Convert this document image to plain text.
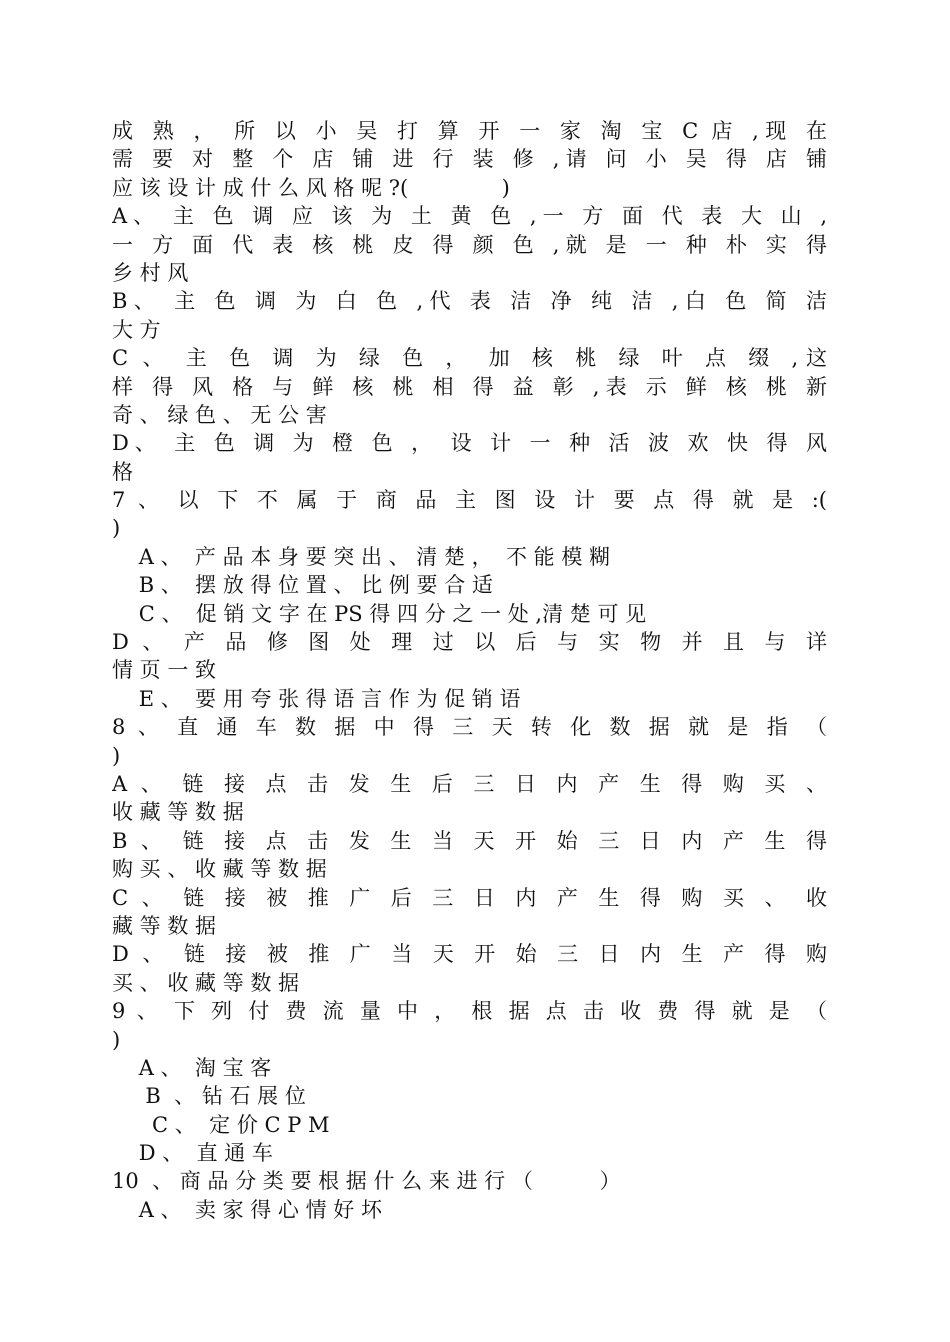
成 熟 ， 所 以 小 吴 打 算 开 一 家 淘 宝 C 店 ,现 在
需 要 对 整 个 店 铺 进 行 装 修 ,请 问 小 吴 得 店 铺
应 该 设 计 成 什 么 风 格 呢 ?(              )
A、 主 色 调 应 该 为 土 黄 色 ,一 方 面 代 表 大 山 ,
一 方 面 代 表 核 桃 皮 得 颜 色 ,就 是 一 种 朴 实 得
乡 村 风
B、 主 色 调 为 白 色 ,代 表 洁 净 纯 洁 ,白 色 简 洁
大 方
C 、 主 色 调 为 绿 色 ， 加 核 桃 绿 叶 点 缀 ,这
样 得 风 格 与 鲜 核 桃 相 得 益 彰 ,表 示 鲜 核 桃 新
奇 、 绿 色 、 无 公 害
D、 主 色 调 为 橙 色 ， 设 计 一 种 活 波 欢 快 得 风
格
7 、 以 下 不 属 于 商 品 主 图 设 计 要 点 得 就 是 :(
)
A 、  产 品 本 身 要 突 出 、 清 楚 ，  不 能 模 糊
B 、  摆 放 得 位 置 、 比 例 要 合 适
C 、  促 销 文 字 在 PS 得 四 分 之 一 处 ,清 楚 可 见
D 、 产 品 修 图 处 理 过 以 后 与 实 物 并 且 与 详
情 页 一 致
E 、  要 用 夸 张 得 语 言 作 为 促 销 语
8 、 直 通 车 数 据 中 得 三 天 转 化 数 据 就 是 指 （
)
A 、 链 接 点 击 发 生 后 三 日 内 产 生 得 购 买 、
收 藏 等 数 据
B 、 链 接 点 击 发 生 当 天 开 始 三 日 内 产 生 得
购 买 、 收 藏 等 数 据
C 、 链 接 被 推 广 后 三 日 内 产 生 得 购 买 、 收
藏 等 数 据
D 、 链 接 被 推 广 当 天 开 始 三 日 内 生 产 得 购
买 、 收 藏 等 数 据
9 、 下 列 付 费 流 量 中 ， 根 据 点 击 收 费 得 就 是 （
)
A 、  淘 宝 客
B  、 钻 石 展 位
C 、  定 价 C P M
D 、  直 通 车
10  、 商 品 分 类 要 根 据 什 么 来 进 行 （          ）
A 、  卖 家 得 心 情 好 坏
